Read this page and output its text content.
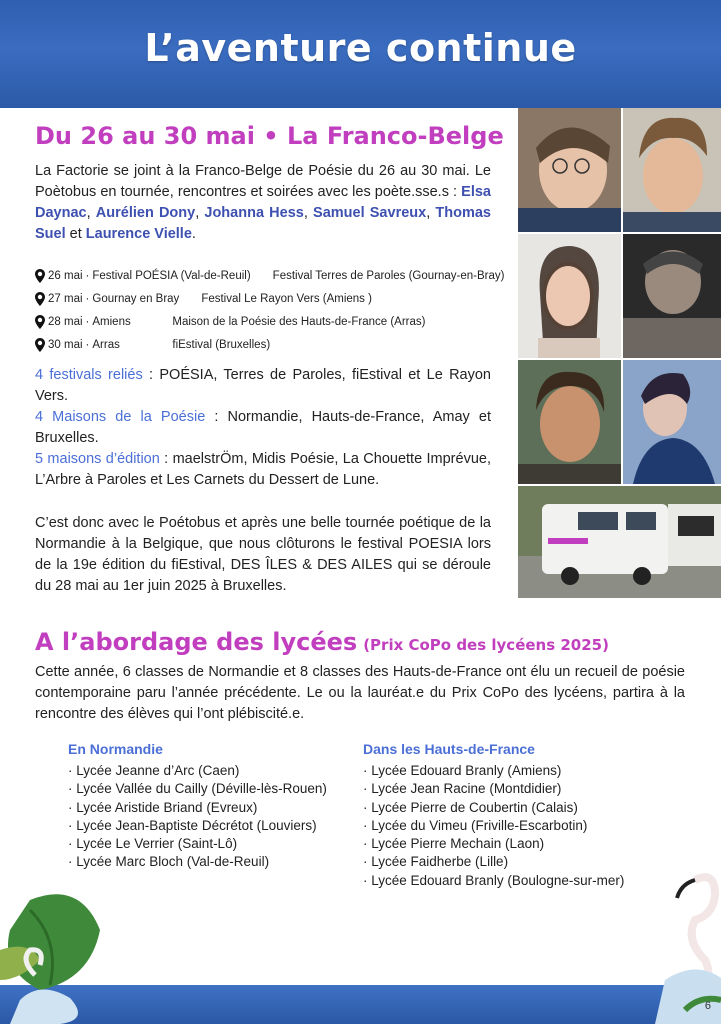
L’aventure continue
Du 26 au 30 mai • La Franco-Belge
La Factorie se joint à la Franco-Belge de Poésie du 26 au 30 mai. Le Poètobus en tournée, rencontres et soirées avec les poète.sse.s : Elsa Daynac, Aurélien Dony, Johanna Hess, Samuel Savreux, Thomas Suel et Laurence Vielle.
26 mai · Festival POÉSIA (Val-de-Reuil) Festival Terres de Paroles (Gournay-en-Bray)
27 mai · Gournay en Bray Festival Le Rayon Vers (Amiens )
28 mai · Amiens	Maison de la Poésie des Hauts-de-France (Arras)
30 mai · Arras	fiEstival (Bruxelles)
4 festivals reliés : POÉSIA, Terres de Paroles, fiEstival et Le Rayon Vers.
4 Maisons de la Poésie : Normandie, Hauts-de-France, Amay et Bruxelles.
5 maisons d’édition : maelstrÖm, Midis Poésie, La Chouette Imprévue, L’Arbre à Paroles et Les Carnets du Dessert de Lune.
C’est donc avec le Poétobus et après une belle tournée poétique de la Normandie à la Belgique, que nous clôturons le festival POESIA lors de la 19e édition du fiEstival, DES ÎLES & DES AILES qui se déroule du 28 mai au 1er juin 2025 à Bruxelles.
A l’abordage des lycées (Prix CoPo des lycéens 2025)
Cette année, 6 classes de Normandie et 8 classes des Hauts-de-France ont élu un recueil de poésie contemporaine paru l’année précédente. Le ou la lauréat.e du Prix CoPo des lycéens, partira à la rencontre des élèves qui l’ont plébiscité.e.
En Normandie
· Lycée Jeanne d’Arc (Caen)
· Lycée Vallée du Cailly (Déville-lès-Rouen)
· Lycée Aristide Briand (Evreux)
· Lycée Jean-Baptiste Décrétot (Louviers)
· Lycée Le Verrier (Saint-Lô)
· Lycée Marc Bloch (Val-de-Reuil)
Dans les Hauts-de-France
· Lycée Edouard Branly (Amiens)
· Lycée Jean Racine (Montdidier)
· Lycée Pierre de Coubertin (Calais)
· Lycée du Vimeu (Friville-Escarbotin)
· Lycée Pierre Mechain (Laon)
· Lycée Faidherbe (Lille)
· Lycée Edouard Branly (Boulogne-sur-mer)
6
